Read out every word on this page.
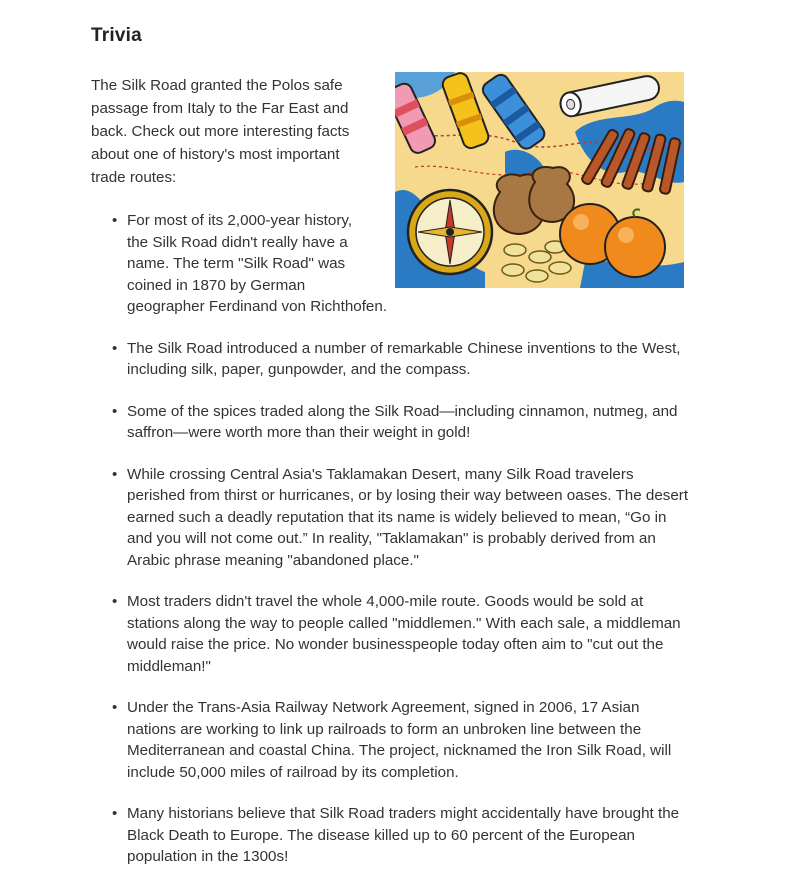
Trivia

The Silk Road granted the Polos safe passage from Italy to the Far East and back. Check out more interesting facts about one of history's most important trade routes:

• For most of its 2,000-year history,
the Silk Road didn't really have a
name. The term "Silk Road" was
coined in 1870 by German
geographer Ferdinand von Richthofen.
• The Silk Road introduced a number of remarkable Chinese inventions to the West, including silk, paper, gunpowder, and the compass.
• Some of the spices traded along the Silk Road—including cinnamon, nutmeg, and saffron—were worth more than their weight in gold!
• While crossing Central Asia's Taklamakan Desert, many Silk Road travelers perished from thirst or hurricanes, or by losing their way between oases. The desert earned such a deadly reputation that its name is widely believed to mean, “Go in and you will not come out.” In reality, "Taklamakan" is probably derived from an Arabic phrase meaning "abandoned place."
• Most traders didn't travel the whole 4,000-mile route. Goods would be sold at stations along the way to people called "middlemen." With each sale, a middleman would raise the price. No wonder businesspeople today often aim to "cut out the middleman!"
• Under the Trans-Asia Railway Network Agreement, signed in 2006, 17 Asian nations are working to link up railroads to form an unbroken line between the Mediterranean and coastal China. The project, nicknamed the Iron Silk Road, will include 50,000 miles of railroad by its completion.
• Many historians believe that Silk Road traders might accidentally have brought the Black Death to Europe. The disease killed up to 60 percent of the European population in the 1300s!
